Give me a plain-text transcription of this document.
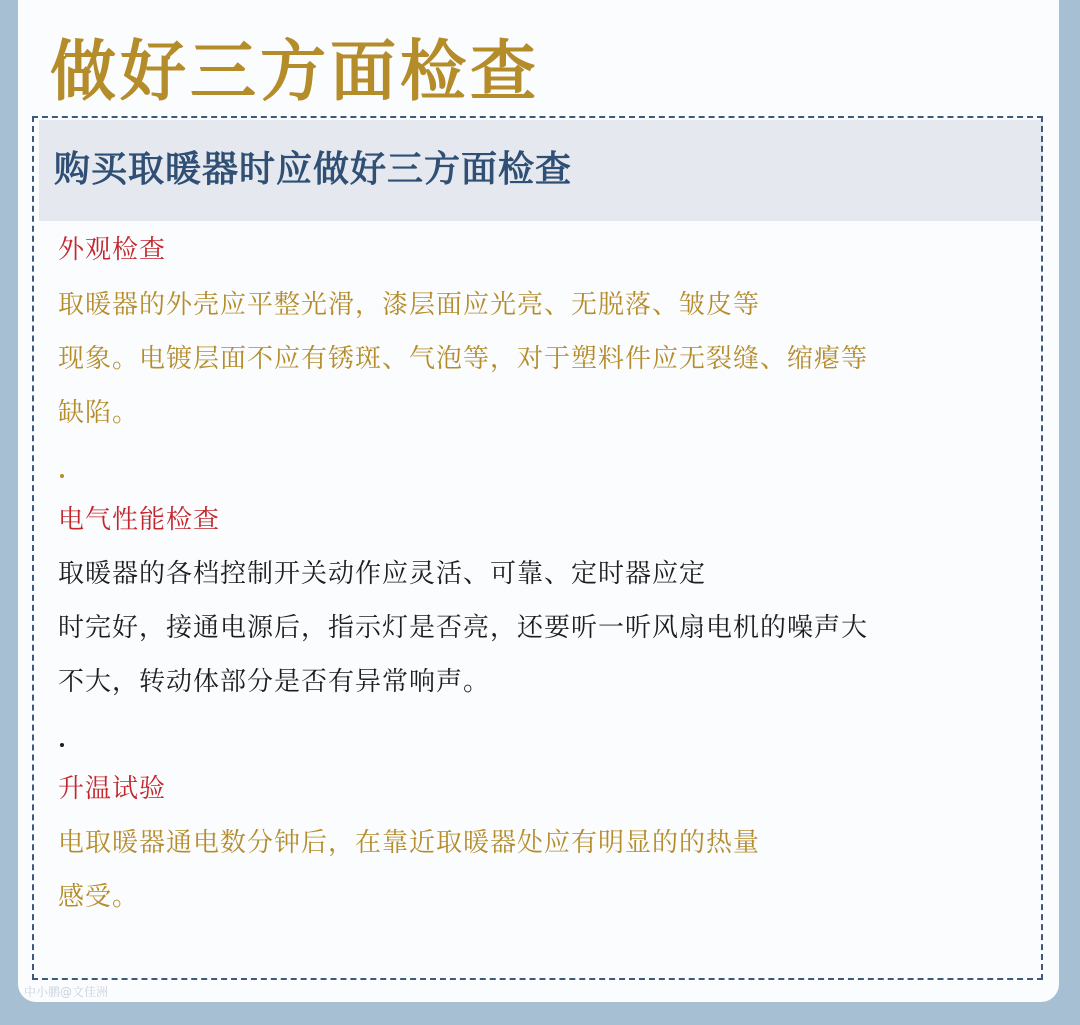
做好三方面检查
购买取暖器时应做好三方面检查

外观检查

取暖器的外壳应平整光滑，漆层面应光亮、无脱落、皱皮等

现象。电镀层面不应有锈斑、气泡等，对于塑料件应无裂缝、缩瘪等

缺陷。

电气性能检查

取暖器的各档控制开关动作应灵活、可靠、定时器应定

时完好，接通电源后，指示灯是否亮，还要听一听风扇电机的噪声大

不大，转动体部分是否有异常响声。

升温试验

电取暖器通电数分钟后，在靠近取暖器处应有明显的的热量

感受。

中小鹏@文佳洲
